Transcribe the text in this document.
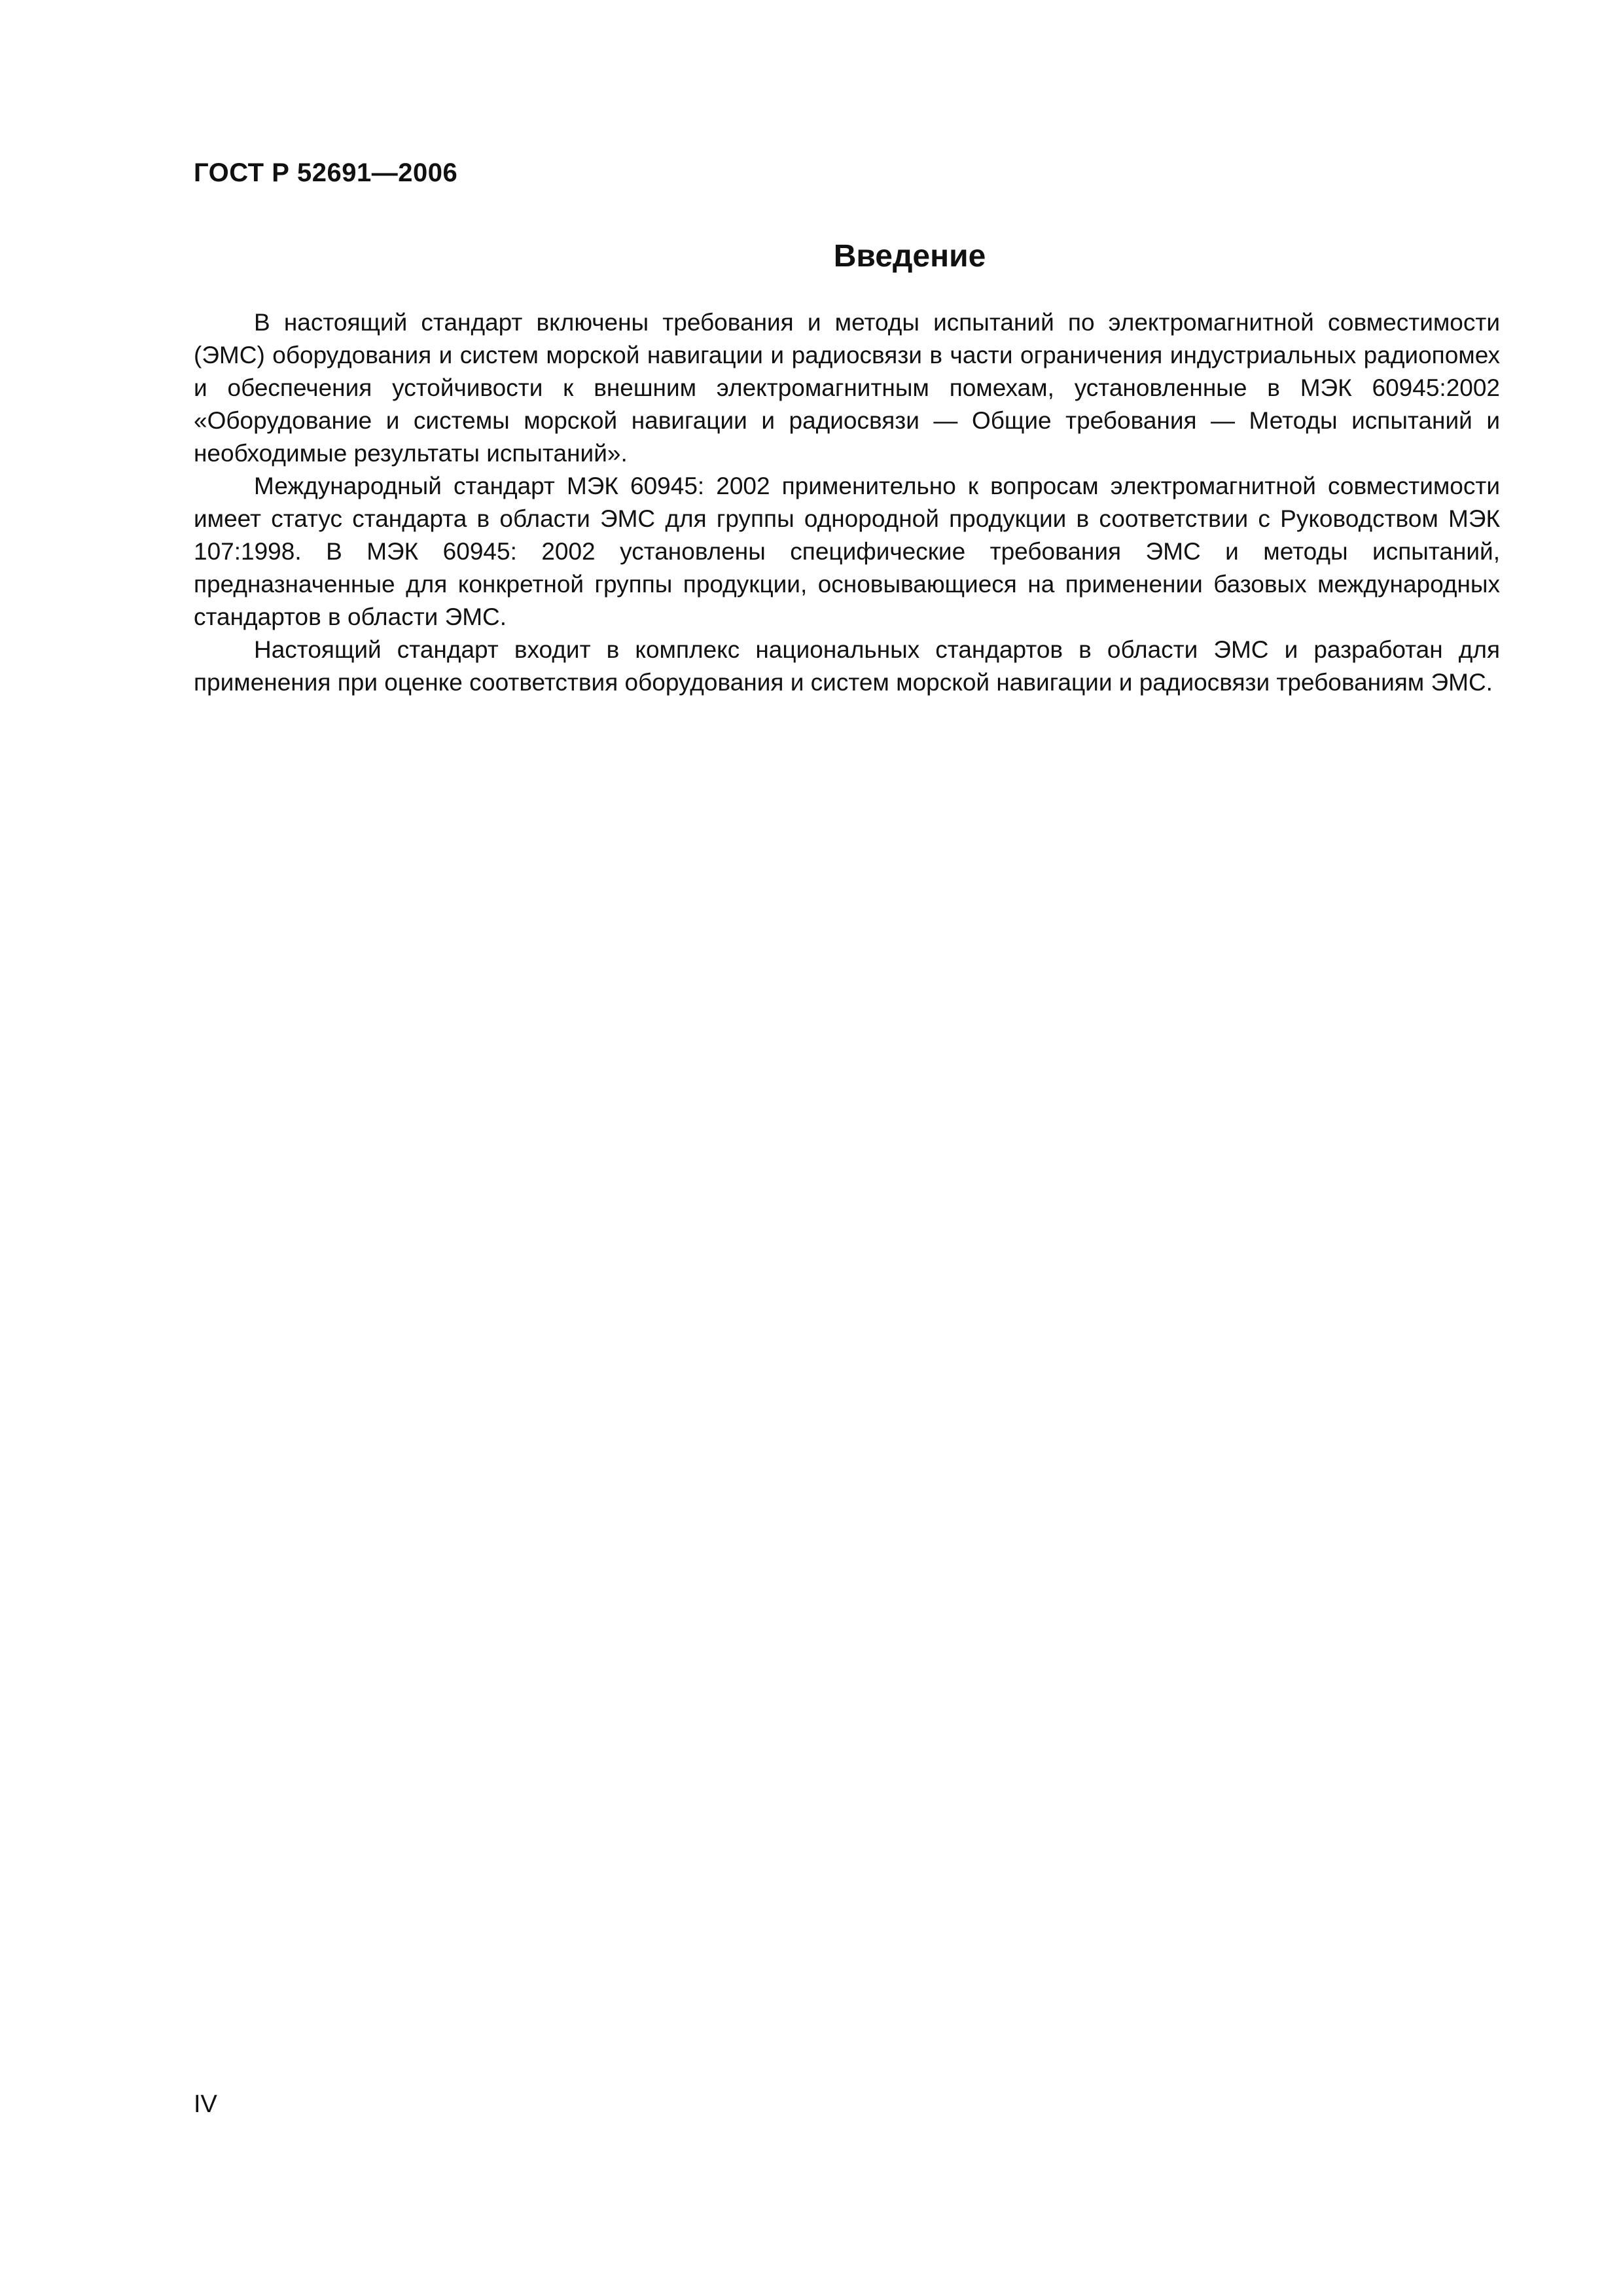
ГОСТ Р 52691—2006
Введение

В настоящий стандарт включены требования и методы испытаний по электромагнитной совместимости (ЭМС) оборудования и систем морской навигации и радиосвязи в части ограничения индустриальных радиопомех и обеспечения устойчивости к внешним электромагнитным помехам, установленные в МЭК 60945:2002 «Оборудование и системы морской навигации и радиосвязи — Общие требования — Методы испытаний и необходимые результаты испытаний».

Международный стандарт МЭК 60945: 2002 применительно к вопросам электромагнитной совместимости имеет статус стандарта в области ЭМС для группы однородной продукции в соответствии с Руководством МЭК 107:1998. В МЭК 60945: 2002 установлены специфические требования ЭМС и методы испытаний, предназначенные для конкретной группы продукции, основывающиеся на применении базовых международных стандартов в области ЭМС.

Настоящий стандарт входит в комплекс национальных стандартов в области ЭМС и разработан для применения при оценке соответствия оборудования и систем морской навигации и радиосвязи требованиям ЭМС.

IV
